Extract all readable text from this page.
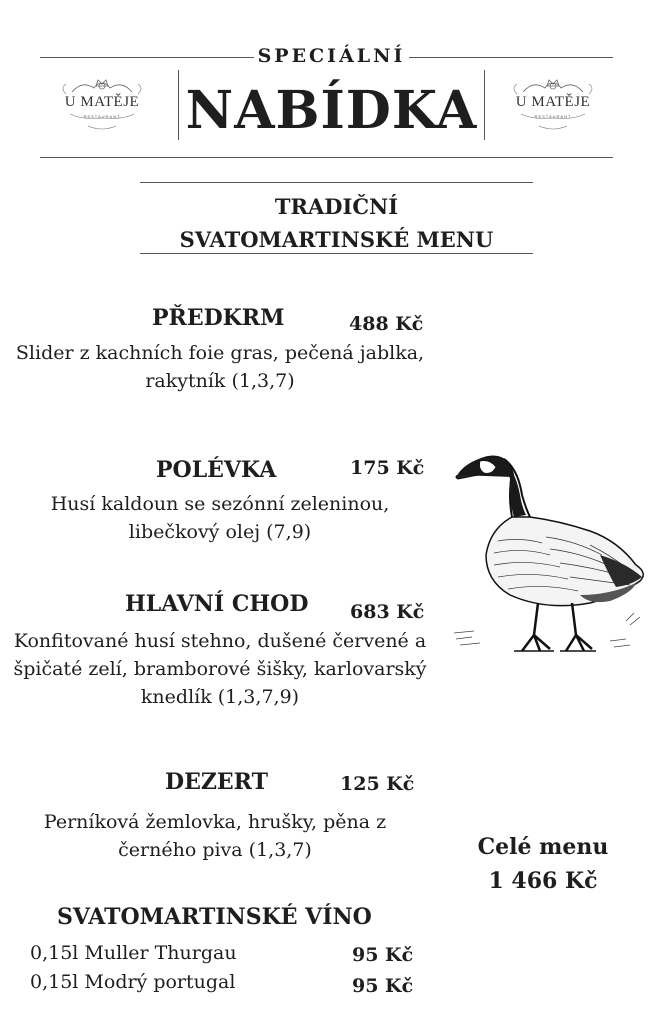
SPECIÁLNÍ
NABÍDKA
U MATĚJE
RESTAURANT
U MATĚJE
RESTAURANT
TRADIČNÍ
SVATOMARTINSKÉ MENU
PŘEDKRM	488 Kč
Slider z kachních foie gras, pečená jablka,
rakytník (1,3,7)
POLÉVKA	175 Kč
Husí kaldoun se sezónní zeleninou,
libečkový olej (7,9)
HLAVNÍ CHOD 683 Kč
Konfitované husí stehno, dušené červené a
špičaté zelí, bramborové šišky, karlovarský
knedlík (1,3,7,9)
DEZERT	125 Kč
Perníková žemlovka, hrušky, pěna z
černého piva (1,3,7)	Celé menu
1 466 Kč
SVATOMARTINSKÉ VÍNO
0,15l Muller Thurgau	95 Kč
0,15l Modrý portugal	95 Kč
